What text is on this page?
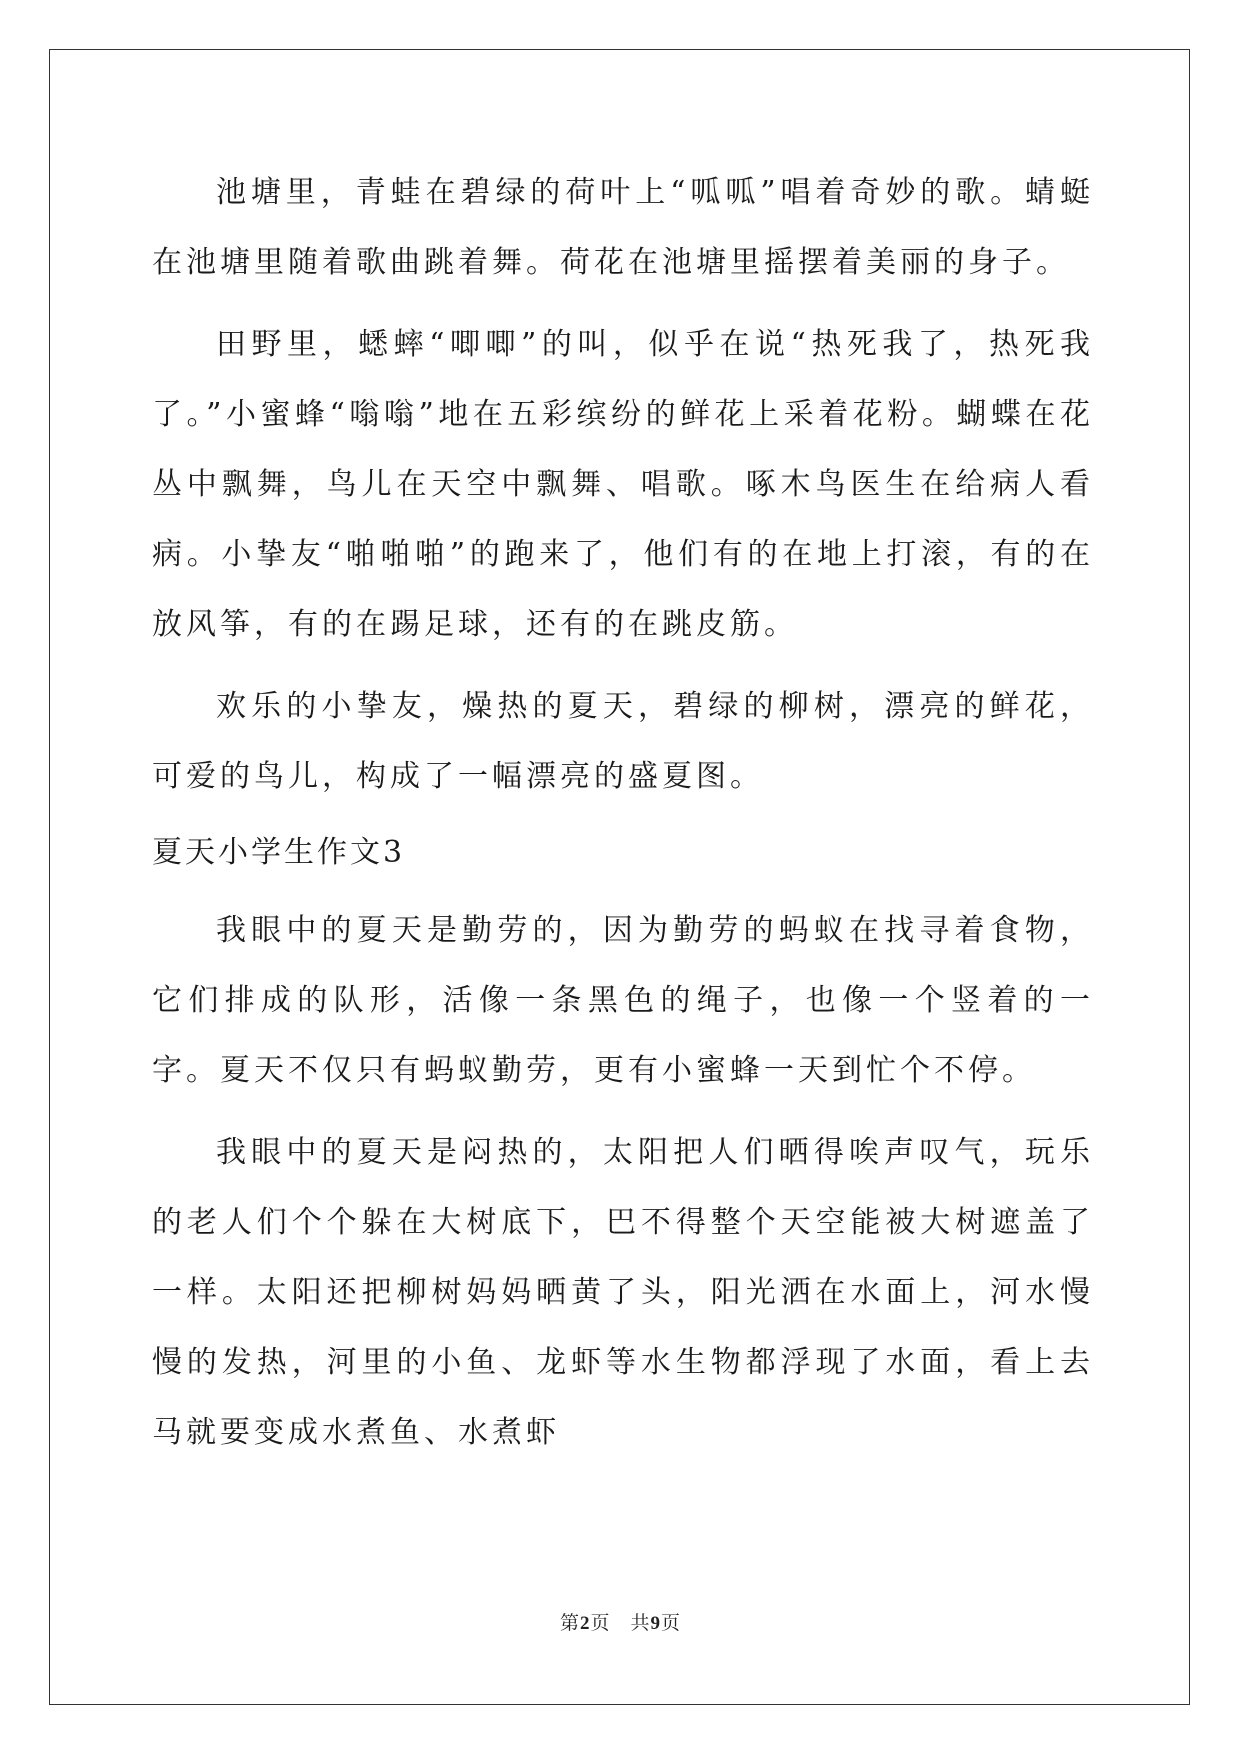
池塘里，青蛙在碧绿的荷叶上“呱呱”唱着奇妙的歌。蜻蜓在池塘里随着歌曲跳着舞。荷花在池塘里摇摆着美丽的身子。

田野里，蟋蟀“唧唧”的叫，似乎在说“热死我了，热死我了。”小蜜蜂“嗡嗡”地在五彩缤纷的鲜花上采着花粉。蝴蝶在花丛中飘舞，鸟儿在天空中飘舞、唱歌。啄木鸟医生在给病人看病。小挚友“啪啪啪”的跑来了，他们有的在地上打滚，有的在放风筝，有的在踢足球，还有的在跳皮筋。

欢乐的小挚友，燥热的夏天，碧绿的柳树，漂亮的鲜花，可爱的鸟儿，构成了一幅漂亮的盛夏图。

夏天小学生作文3

我眼中的夏天是勤劳的，因为勤劳的蚂蚁在找寻着食物，它们排成的队形，活像一条黑色的绳子，也像一个竖着的一字。夏天不仅只有蚂蚁勤劳，更有小蜜蜂一天到忙个不停。

我眼中的夏天是闷热的，太阳把人们晒得唉声叹气，玩乐的老人们个个躲在大树底下，巴不得整个天空能被大树遮盖了一样。太阳还把柳树妈妈晒黄了头，阳光洒在水面上，河水慢慢的发热，河里的小鱼、龙虾等水生物都浮现了水面，看上去马就要变成水煮鱼、水煮虾

第2页 共9页
